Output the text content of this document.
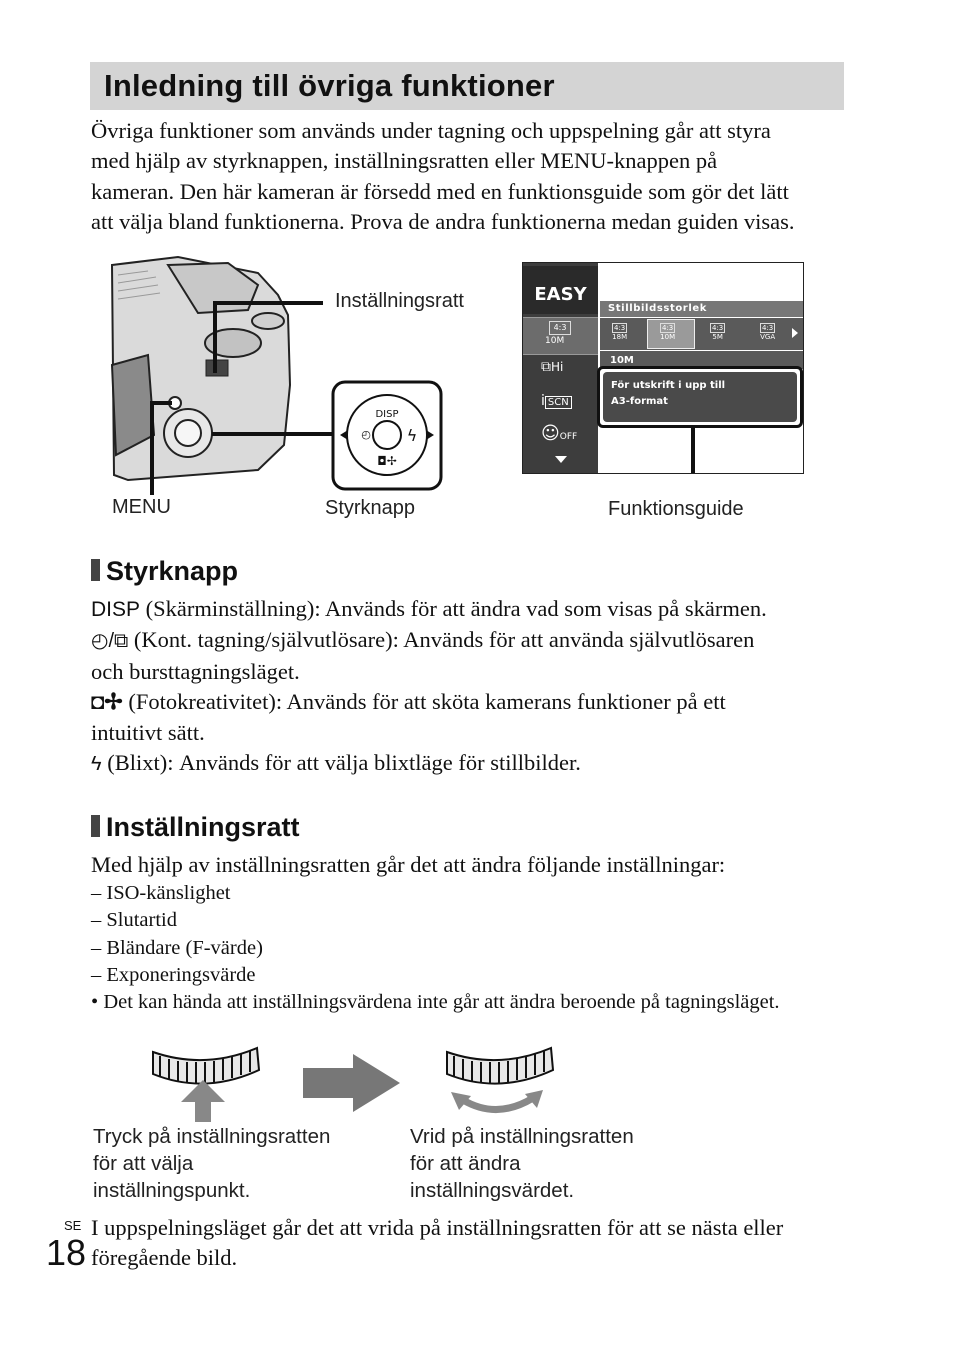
Inledning till övriga funktioner
Övriga funktioner som används under tagning och uppspelning går att styra
med hjälp av styrknappen, inställningsratten eller MENU-knappen på
kameran. Den här kameran är försedd med en funktionsguide som gör det lätt
att välja bland funktionerna. Prova de andra funktionerna medan guiden visas.
DISP
◴ ϟ
◘✢
Inställningsratt
MENU	Styrknapp
EASY
4:3
10M
⧉Hi
i SCN
☺OFF
Stillbildsstorlek
4:3
18M
4:3
10M
4:3
5M
4:3
VGA
10M
För utskrift i upp till
A3-format
Funktionsguide
Styrknapp
DISP (Skärminställning): Används för att ändra vad som visas på skärmen.
◴/⧉ (Kont. tagning/självutlösare): Används för att använda självutlösaren
och bursttagningsläget.
◘✢ (Fotokreativitet): Används för att sköta kamerans funktioner på ett
intuitivt sätt.
ϟ (Blixt): Används för att välja blixtläge för stillbilder.
Inställningsratt
Med hjälp av inställningsratten går det att ändra följande inställningar:
– ISO-känslighet
– Slutartid
– Bländare (F-värde)
– Exponeringsvärde
• Det kan hända att inställningsvärdena inte går att ändra beroende på tagningsläget.
Tryck på inställningsratten
för att välja
inställningspunkt.
Vrid på inställningsratten
för att ändra
inställningsvärdet.
I uppspelningsläget går det att vrida på inställningsratten för att se nästa eller
föregående bild.
SE
18
